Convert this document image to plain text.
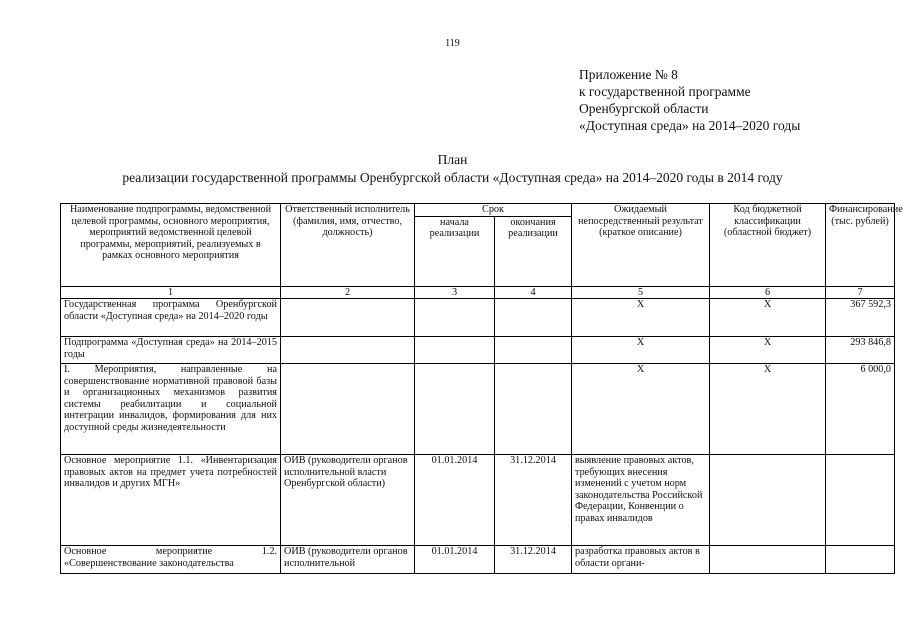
119
Приложение № 8
к государственной программе
Оренбургской области
«Доступная среда» на 2014–2020 годы
План
реализации государственной программы Оренбургской области «Доступная среда» на 2014–2020 годы в 2014 году
Наименование подпрограммы, ведомственной целевой программы, основного мероприятия, мероприятий ведомственной целевой программы, мероприятий, реализуемых в рамках основного мероприятия	Ответственный исполнитель (фамилия, имя, отчество, должность)	Срок		Ожидаемый непосредственный результат (краткое описание)	Код бюджетной классификации (областной бюджет)	Финансирование (тыс. рублей)
		начала реализации	окончания реализации			
1	2	3	4	5	6	7
Государственная программа Оренбургской области «Доступная среда» на 2014–2020 годы				Х	Х	367 592,3
Подпрограмма «Доступная среда» на 2014–2015 годы				Х	Х	293 846,8
I. Мероприятия, направленные на совершенствование нормативной правовой базы и организационных механизмов развития системы реабилитации и социальной интеграции инвалидов, формирования для них доступной среды жизнедеятельности				Х	Х	6 000,0
Основное мероприятие 1.1. «Инвентаризация правовых актов на предмет учета потребностей инвалидов и других МГН»	ОИВ (руководители органов исполнительной власти Оренбургской области)	01.01.2014	31.12.2014	выявление правовых актов, требующих внесения изменений с учетом норм законодательства Российской Федерации, Конвенции о правах инвалидов		
Основное мероприятие 1.2. «Совершенствование законодательства	ОИВ (руководители органов исполнительной	01.01.2014	31.12.2014	разработка правовых актов в области органи-		
